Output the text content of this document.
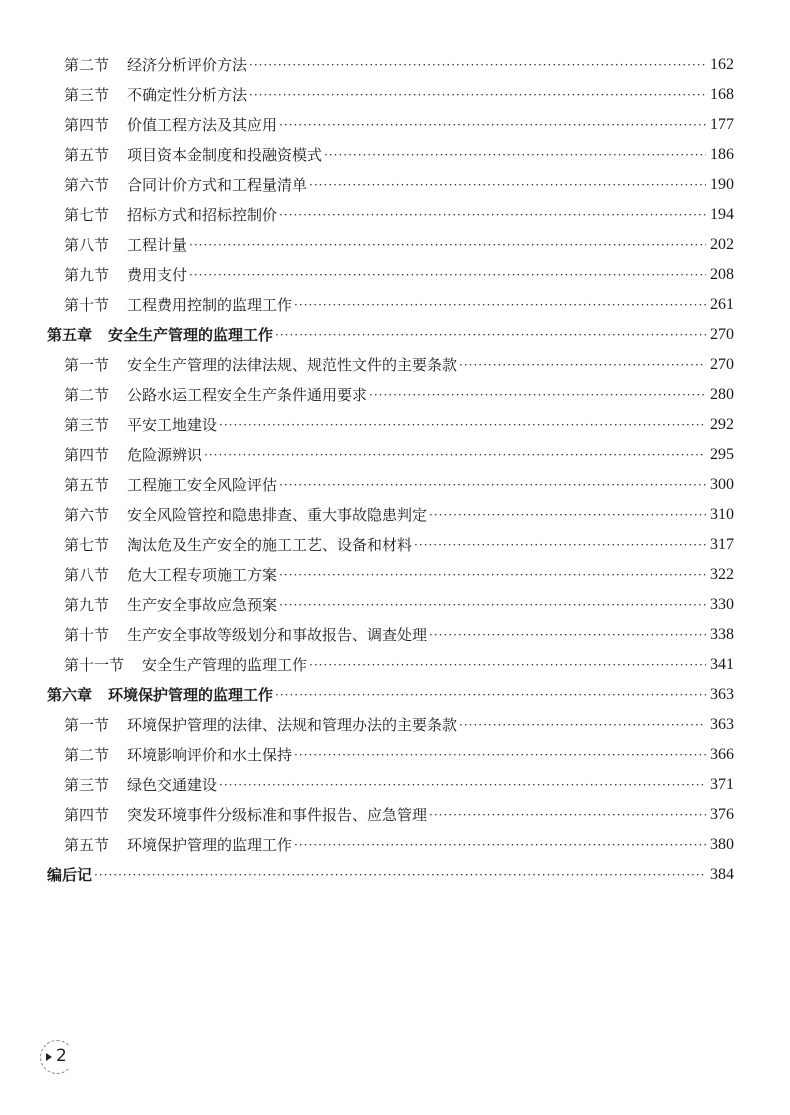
第二节 经济分析评价方法 ·····	162
第三节 不确定性分析方法 ·····	168
第四节 价值工程方法及其应用 ·····	177
第五节 项目资本金制度和投融资模式 ·····	186
第六节 合同计价方式和工程量清单 ·····	190
第七节 招标方式和招标控制价 ·····	194
第八节 工程计量 ·····	202
第九节 费用支付 ·····	208
第十节 工程费用控制的监理工作 ·····	261
第五章 安全生产管理的监理工作 ·····	270
第一节 安全生产管理的法律法规、规范性文件的主要条款 ·····	270
第二节 公路水运工程安全生产条件通用要求 ·····	280
第三节 平安工地建设 ·····	292
第四节 危险源辨识 ·····	295
第五节 工程施工安全风险评估 ·····	300
第六节 安全风险管控和隐患排查、重大事故隐患判定 ·····	310
第七节 淘汰危及生产安全的施工工艺、设备和材料 ·····	317
第八节 危大工程专项施工方案 ·····	322
第九节 生产安全事故应急预案 ·····	330
第十节 生产安全事故等级划分和事故报告、调查处理 ·····	338
第十一节 安全生产管理的监理工作 ·····	341
第六章 环境保护管理的监理工作 ·····	363
第一节 环境保护管理的法律、法规和管理办法的主要条款 ·····	363
第二节 环境影响评价和水土保持 ·····	366
第三节 绿色交通建设 ·····	371
第四节 突发环境事件分级标准和事件报告、应急管理 ·····	376
第五节 环境保护管理的监理工作 ·····	380
编后记 ·····	384
2
